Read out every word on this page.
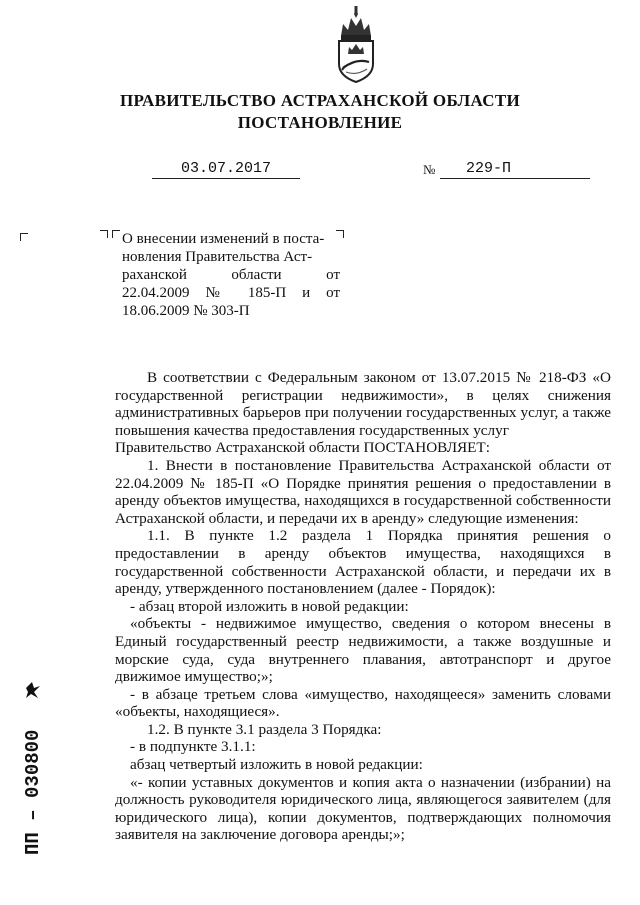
ПРАВИТЕЛЬСТВО АСТРАХАНСКОЙ ОБЛАСТИ
ПОСТАНОВЛЕНИЕ
03.07.2017	№	229-П
О внесении изменений в поста-
новления Правительства Аст-
раханской области от
22.04.2009 № 185-П и от
18.06.2009 № 303-П

В соответствии с Федеральным законом от 13.07.2015 № 218-ФЗ «О государственной регистрации недвижимости», в целях снижения административных барьеров при получении государственных услуг, а также повышения качества предоставления государственных услуг

Правительство Астраханской области ПОСТАНОВЛЯЕТ:

1. Внести в постановление Правительства Астраханской области от 22.04.2009 № 185-П «О Порядке принятия решения о предоставлении в аренду объектов имущества, находящихся в государственной собственности Астраханской области, и передачи их в аренду» следующие изменения:

1.1. В пункте 1.2 раздела 1 Порядка принятия решения о предоставлении в аренду объектов имущества, находящихся в государственной собственности Астраханской области, и передачи их в аренду, утвержденного постановлением (далее - Порядок):

- абзац второй изложить в новой редакции:

«объекты - недвижимое имущество, сведения о котором внесены в Единый государственный реестр недвижимости, а также воздушные и морские суда, суда внутреннего плавания, автотранспорт и другое движимое имущество;»;

- в абзаце третьем слова «имущество, находящееся» заменить словами «объекты, находящиеся».

1.2. В пункте 3.1 раздела 3 Порядка:

- в подпункте 3.1.1:

абзац четвертый изложить в новой редакции:

«- копии уставных документов и копия акта о назначении (избрании) на должность руководителя юридического лица, являющегося заявителем (для юридического лица), копии документов, подтверждающих полномочия заявителя на заключение договора аренды;»;

ПП – 030800
